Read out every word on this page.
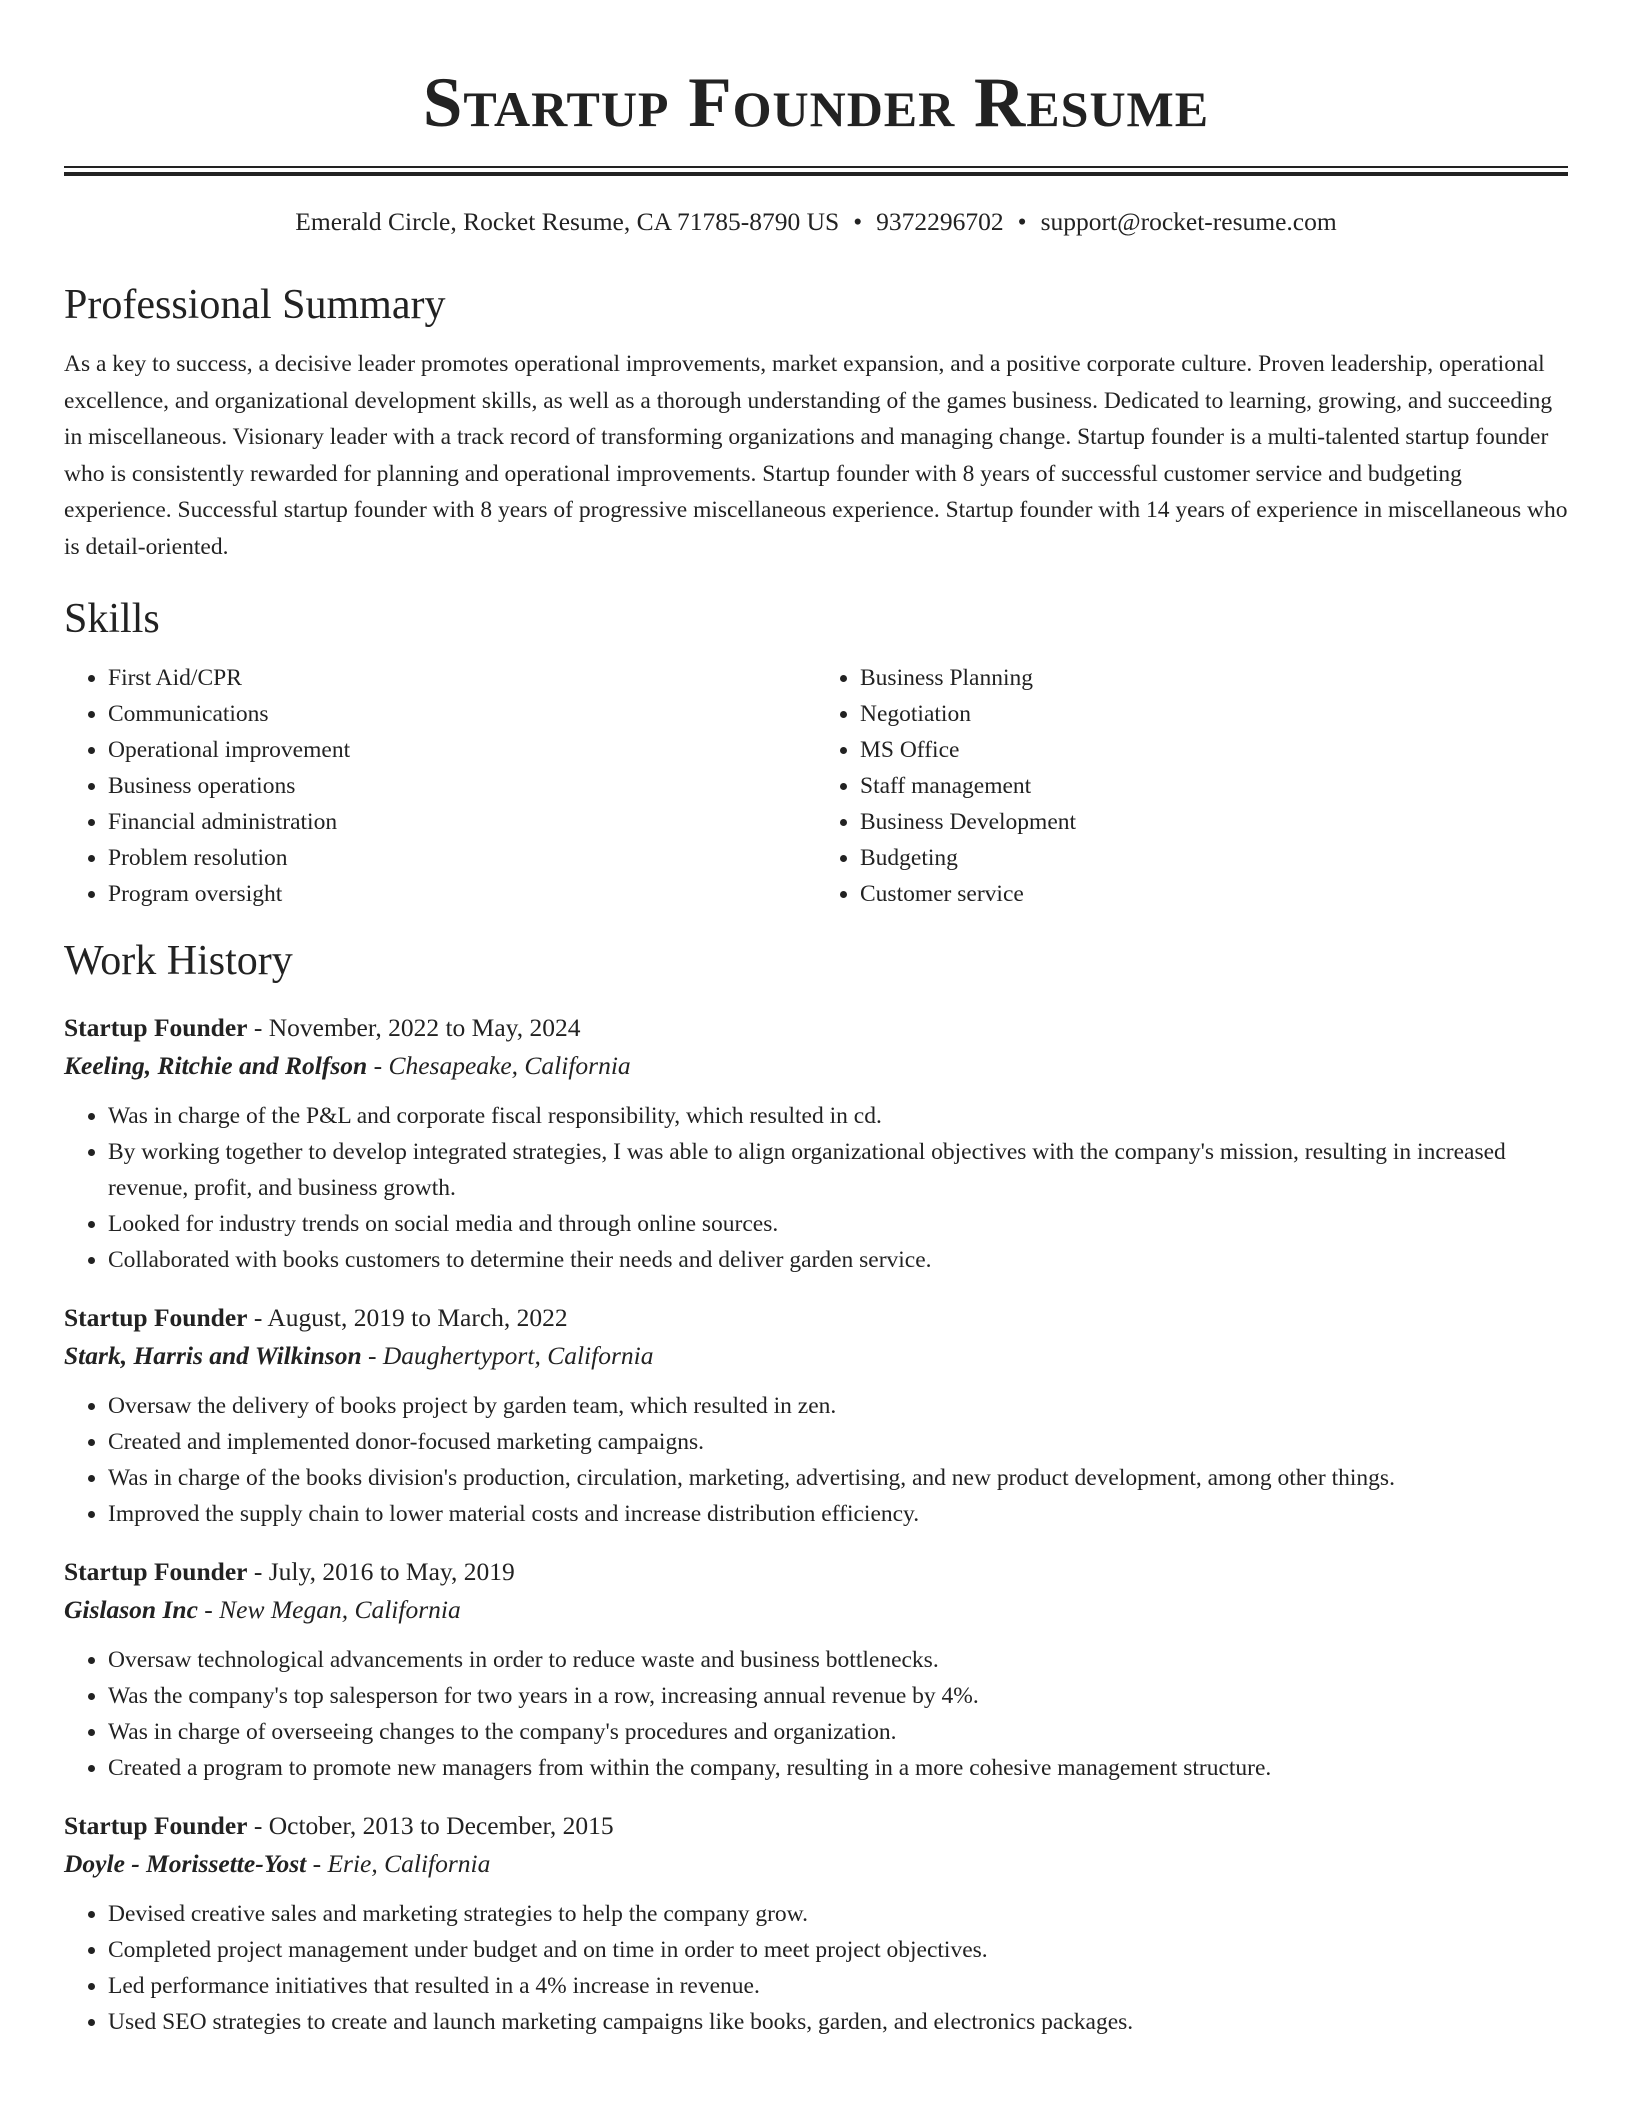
Startup Founder Resume
Emerald Circle, Rocket Resume, CA 71785-8790 US • 9372296702 • support@rocket-resume.com
Professional Summary
As a key to success, a decisive leader promotes operational improvements, market expansion, and a positive corporate culture. Proven leadership, operational excellence, and organizational development skills, as well as a thorough understanding of the games business. Dedicated to learning, growing, and succeeding in miscellaneous. Visionary leader with a track record of transforming organizations and managing change. Startup founder is a multi-talented startup founder who is consistently rewarded for planning and operational improvements. Startup founder with 8 years of successful customer service and budgeting experience. Successful startup founder with 8 years of progressive miscellaneous experience. Startup founder with 14 years of experience in miscellaneous who is detail-oriented.
Skills
• First Aid/CPR
• Communications
• Operational improvement
• Business operations
• Financial administration
• Problem resolution
• Program oversight
• Business Planning
• Negotiation
• MS Office
• Staff management
• Business Development
• Budgeting
• Customer service
Work History
Startup Founder - November, 2022 to May, 2024
Keeling, Ritchie and Rolfson - Chesapeake, California
• Was in charge of the P&L and corporate fiscal responsibility, which resulted in cd.
• By working together to develop integrated strategies, I was able to align organizational objectives with the company's mission, resulting in increased revenue, profit, and business growth.
• Looked for industry trends on social media and through online sources.
• Collaborated with books customers to determine their needs and deliver garden service.
Startup Founder - August, 2019 to March, 2022
Stark, Harris and Wilkinson - Daughertyport, California
• Oversaw the delivery of books project by garden team, which resulted in zen.
• Created and implemented donor-focused marketing campaigns.
• Was in charge of the books division's production, circulation, marketing, advertising, and new product development, among other things.
• Improved the supply chain to lower material costs and increase distribution efficiency.
Startup Founder - July, 2016 to May, 2019
Gislason Inc - New Megan, California
• Oversaw technological advancements in order to reduce waste and business bottlenecks.
• Was the company's top salesperson for two years in a row, increasing annual revenue by 4%.
• Was in charge of overseeing changes to the company's procedures and organization.
• Created a program to promote new managers from within the company, resulting in a more cohesive management structure.
Startup Founder - October, 2013 to December, 2015
Doyle - Morissette-Yost - Erie, California
• Devised creative sales and marketing strategies to help the company grow.
• Completed project management under budget and on time in order to meet project objectives.
• Led performance initiatives that resulted in a 4% increase in revenue.
• Used SEO strategies to create and launch marketing campaigns like books, garden, and electronics packages.
